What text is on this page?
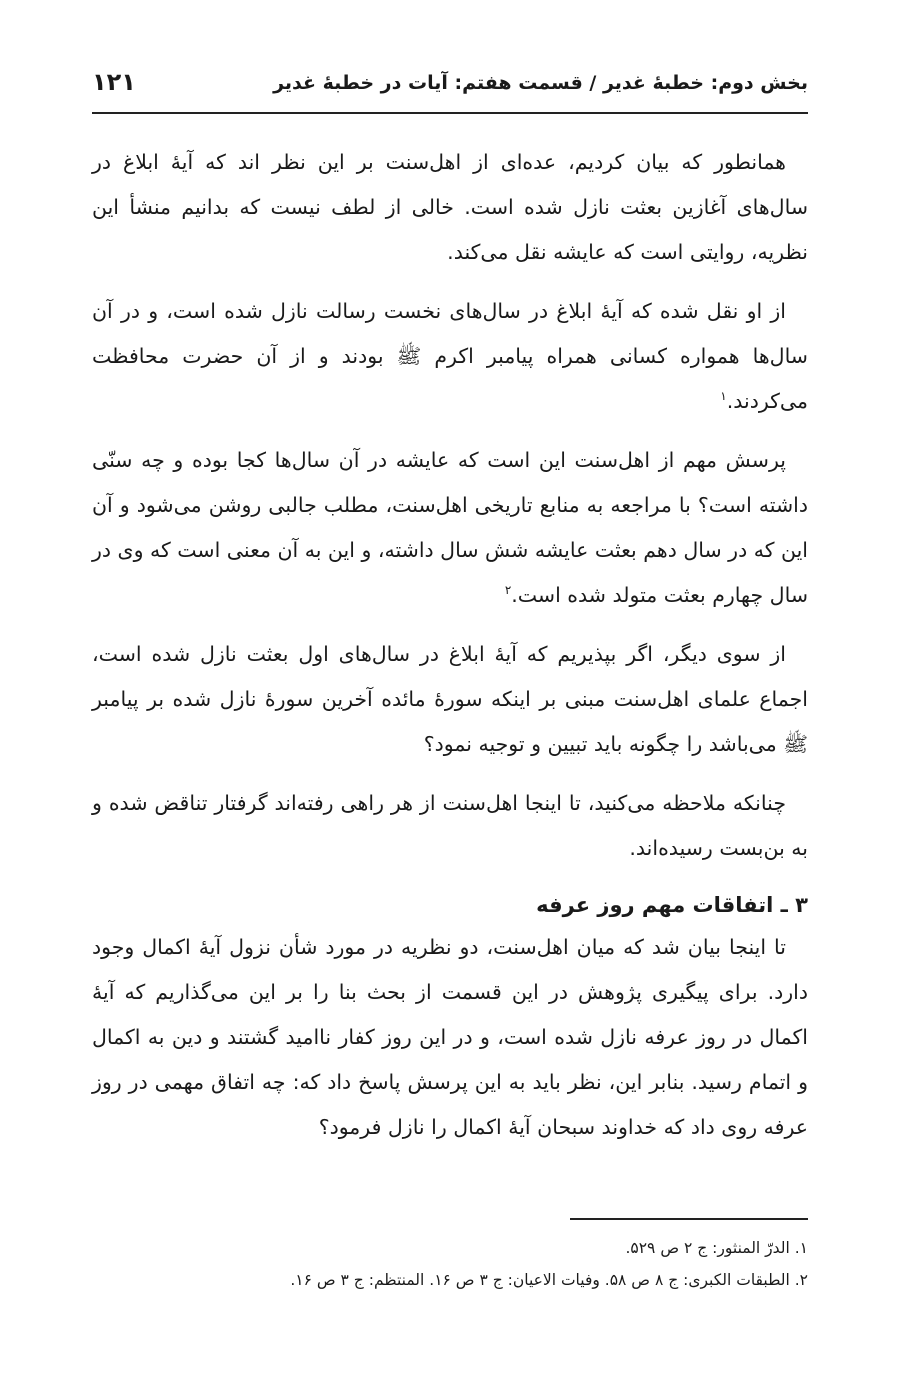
بخش دوم: خطبهٔ غدیر / قسمت هفتم: آیات در خطبهٔ غدیر
۱۲۱

همانطور که بیان کردیم، عده‌ای از اهل‌سنت بر این نظر اند که آیهٔ ابلاغ در سال‌های آغازین بعثت نازل شده است. خالی از لطف نیست که بدانیم منشأ این نظریه، روایتی است که عایشه نقل می‌کند.

از او نقل شده که آیهٔ ابلاغ در سال‌های نخست رسالت نازل شده است، و در آن سال‌ها همواره کسانی همراه پیامبر اکرم ﷺ بودند و از آن حضرت محافظت می‌کردند.$^۱$

پرسش مهم از اهل‌سنت این است که عایشه در آن سال‌ها کجا بوده و چه سنّی داشته است؟ با مراجعه به منابع تاریخی اهل‌سنت، مطلب جالبی روشن می‌شود و آن این که در سال دهم بعثت عایشه شش سال داشته، و این به آن معنی است که وی در سال چهارم بعثت متولد شده است.$^۲$

از سوی دیگر، اگر بپذیریم که آیهٔ ابلاغ در سال‌های اول بعثت نازل شده است، اجماع علمای اهل‌سنت مبنی بر اینکه سورهٔ مائده آخرین سورهٔ نازل شده بر پیامبر ﷺ می‌باشد را چگونه باید تبیین و توجیه نمود؟

چنانکه ملاحظه می‌کنید، تا اینجا اهل‌سنت از هر راهی رفته‌اند گرفتار تناقض شده و به بن‌بست رسیده‌اند.

۳ ـ اتفاقات مهم روز عرفه

تا اینجا بیان شد که میان اهل‌سنت، دو نظریه در مورد شأن نزول آیهٔ اکمال وجود دارد. برای پیگیری پژوهش در این قسمت از بحث بنا را بر این می‌گذاریم که آیهٔ اکمال در روز عرفه نازل شده است، و در این روز کفار ناامید گشتند و دین به اکمال و اتمام رسید. بنابر این، نظر باید به این پرسش پاسخ داد که: چه اتفاق مهمی در روز عرفه روی داد که خداوند سبحان آیهٔ اکمال را نازل فرمود؟

۱. الدرّ المنثور: ج ۲ ص ۵۲۹.
۲. الطبقات الکبری: ج ۸ ص ۵۸. وفیات الاعیان: ج ۳ ص ۱۶. المنتظم: ج ۳ ص ۱۶.
